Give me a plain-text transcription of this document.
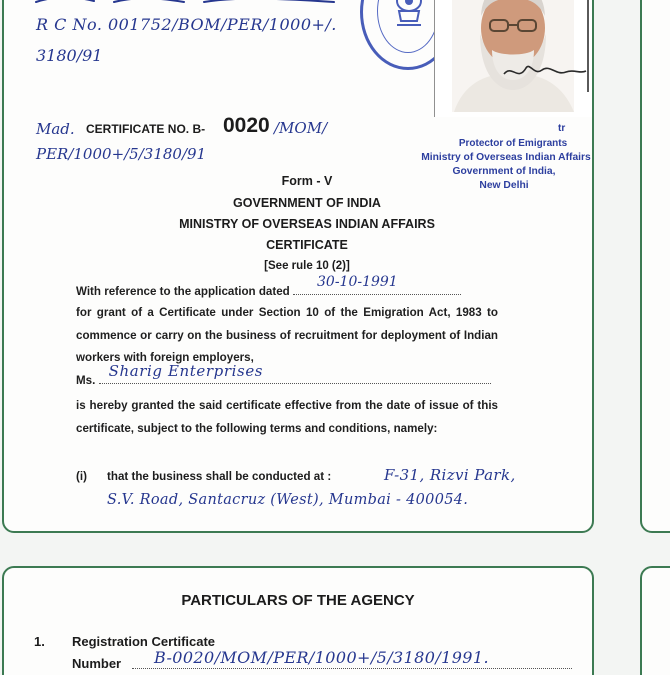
R C No. 001752/BOM/PER/1000+/.
3180/91
Mad. CERTIFICATE NO. B- 0020 /MOM/
PER/1000+/5/3180/91
tr
Protector of Emigrants
Ministry of Overseas Indian Affairs
Government of India,
New Delhi
Form - V
GOVERNMENT OF INDIA
MINISTRY OF OVERSEAS INDIAN AFFAIRS
CERTIFICATE
[See rule 10 (2)]
With reference to the application dated
30-10-1991
for grant of a Certificate under Section 10 of the Emigration Act, 1983 to commence or carry on the business of recruitment for deployment of Indian workers with foreign employers,
Ms.
Sharig Enterprises
is hereby granted the said certificate effective from the date of issue of this certificate, subject to the following terms and conditions, namely:
(i) that the business shall be conducted at :	F-31, Rizvi Park,
S.V. Road, Santacruz (West), Mumbai - 400054.
PARTICULARS OF THE AGENCY
1. Registration Certificate
Number B-0020/MOM/PER/1000+/5/3180/1991.
